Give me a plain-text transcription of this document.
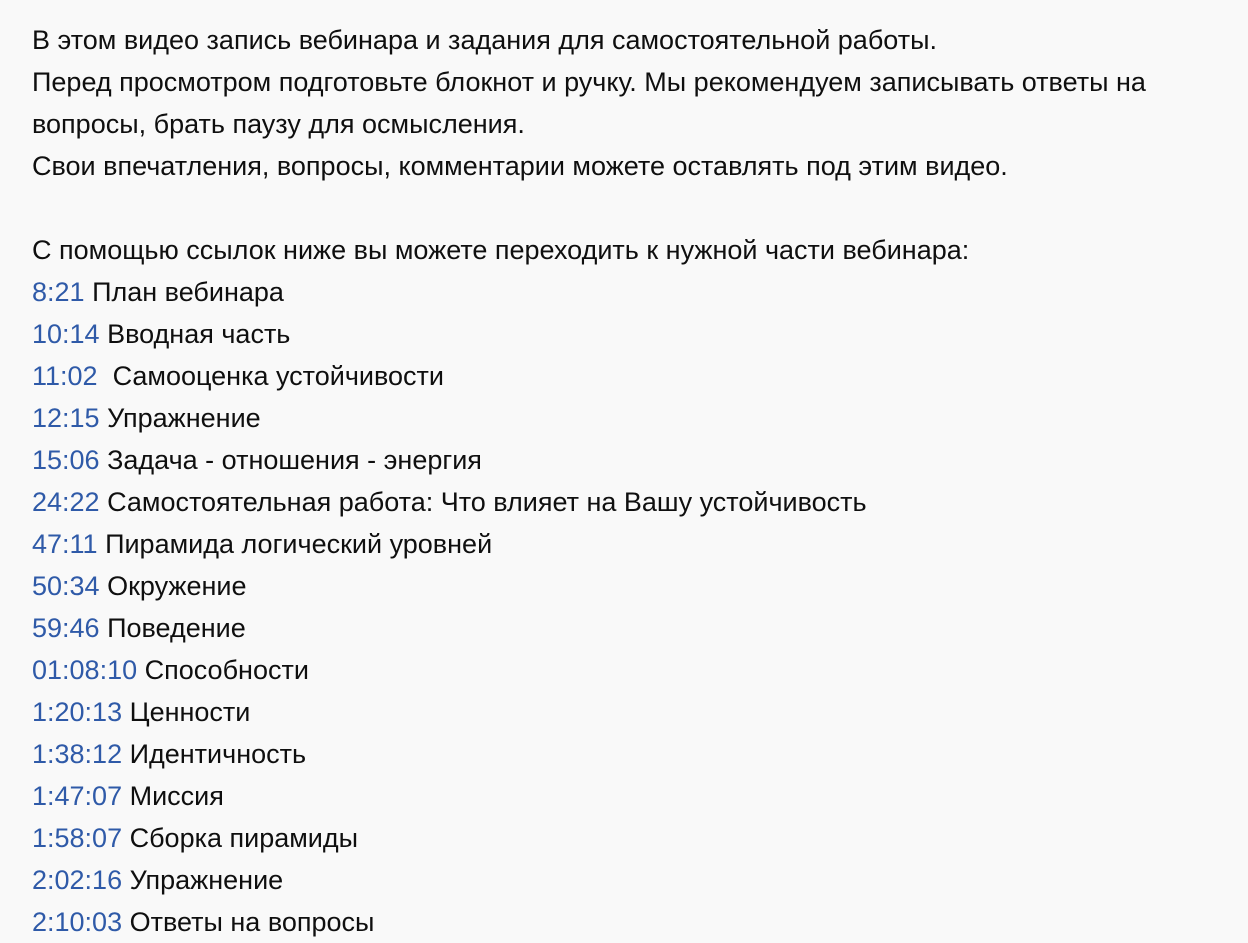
В этом видео запись вебинара и задания для самостоятельной работы.
Перед просмотром подготовьте блокнот и ручку. Мы рекомендуем записывать ответы на
вопросы, брать паузу для осмысления.
Свои впечатления, вопросы, комментарии можете оставлять под этим видео.
С помощью ссылок ниже вы можете переходить к нужной части вебинара:
8:21 План вебинара
10:14 Вводная часть
11:02  Самооценка устойчивости
12:15 Упражнение
15:06 Задача - отношения - энергия
24:22 Самостоятельная работа: Что влияет на Вашу устойчивость
47:11 Пирамида логический уровней
50:34 Окружение
59:46 Поведение
01:08:10 Способности
1:20:13 Ценности
1:38:12 Идентичность
1:47:07 Миссия
1:58:07 Сборка пирамиды
2:02:16 Упражнение
2:10:03 Ответы на вопросы
